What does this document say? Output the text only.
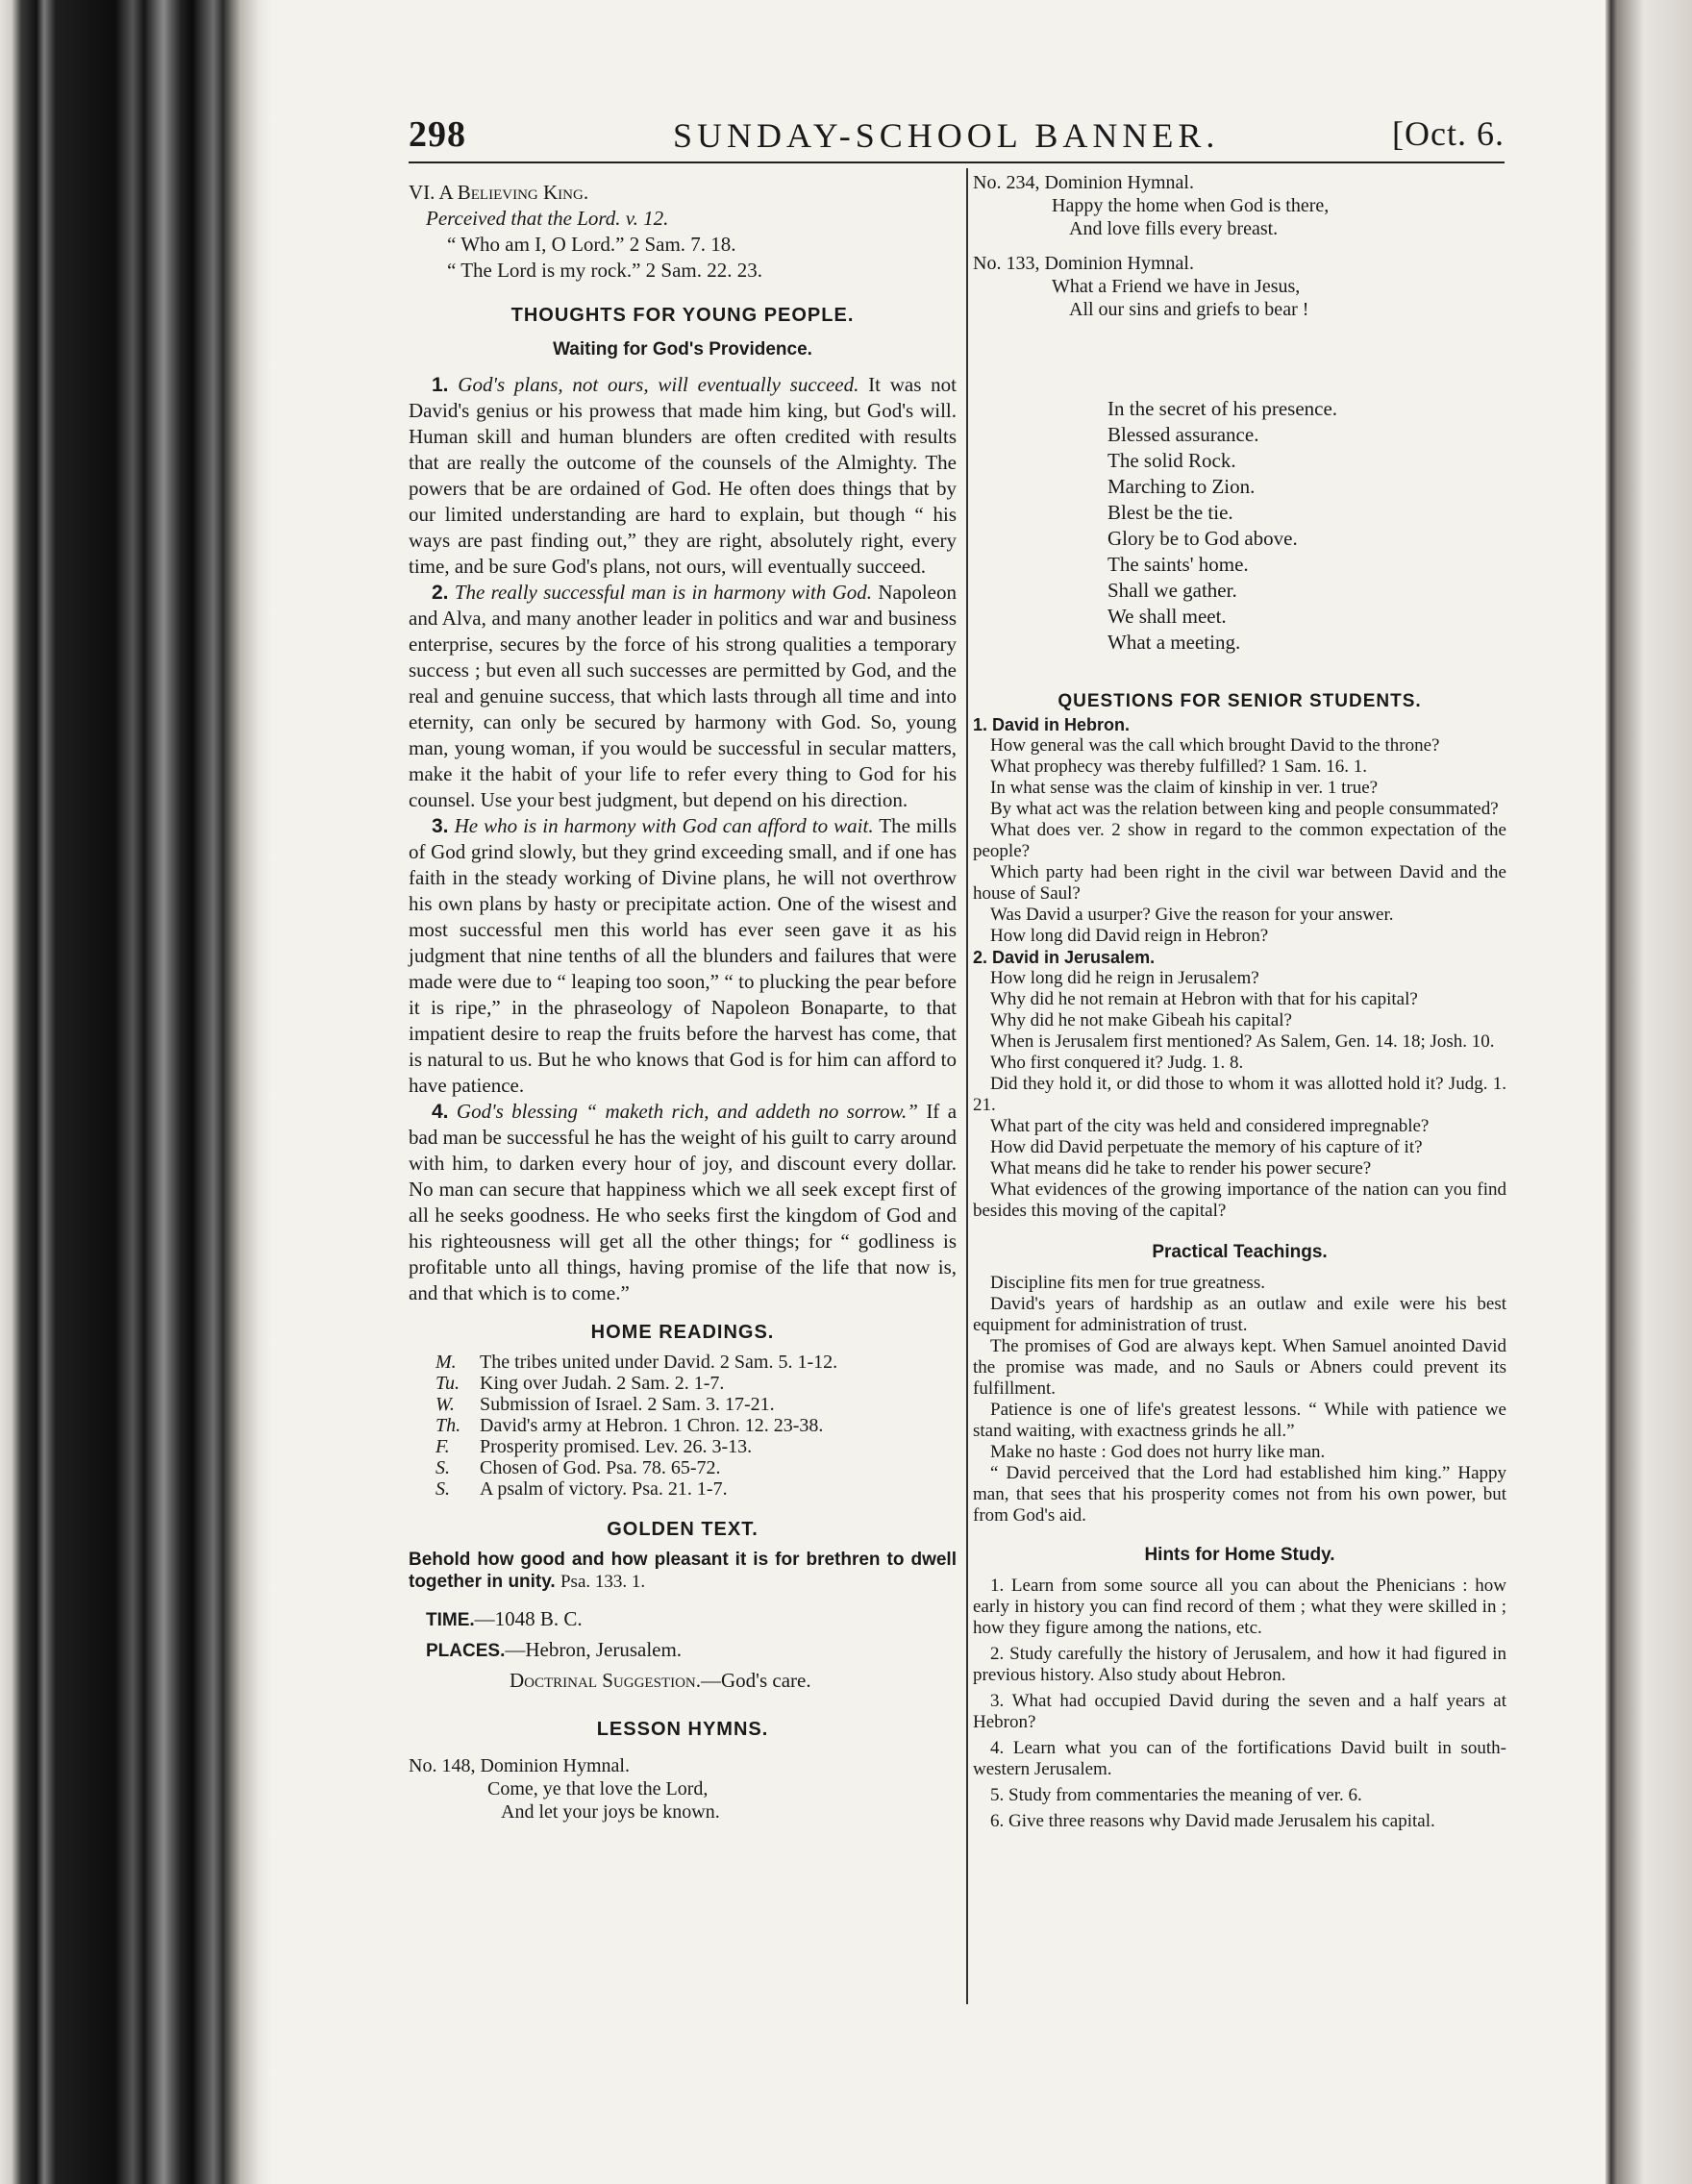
298	SUNDAY-SCHOOL BANNER.	[Oct. 6.
VI. A Believing King.
Perceived that the Lord. v. 12.
“ Who am I, O Lord.” 2 Sam. 7. 18.
“ The Lord is my rock.” 2 Sam. 22. 23.
THOUGHTS FOR YOUNG PEOPLE.
Waiting for God's Providence.

1. God's plans, not ours, will eventually succeed. It was not David's genius or his prowess that made him king, but God's will. Human skill and human blunders are often credited with results that are really the outcome of the counsels of the Almighty. The powers that be are ordained of God. He often does things that by our limited understanding are hard to explain, but though “ his ways are past finding out,” they are right, absolutely right, every time, and be sure God's plans, not ours, will eventually succeed.

2. The really successful man is in harmony with God. Napoleon and Alva, and many another leader in politics and war and business enterprise, secures by the force of his strong qualities a temporary success ; but even all such successes are permitted by God, and the real and genuine success, that which lasts through all time and into eternity, can only be secured by harmony with God. So, young man, young woman, if you would be successful in secular matters, make it the habit of your life to refer every thing to God for his counsel. Use your best judgment, but depend on his direction.

3. He who is in harmony with God can afford to wait. The mills of God grind slowly, but they grind exceeding small, and if one has faith in the steady working of Divine plans, he will not overthrow his own plans by hasty or precipitate action. One of the wisest and most successful men this world has ever seen gave it as his judgment that nine tenths of all the blunders and failures that were made were due to “ leaping too soon,” “ to plucking the pear before it is ripe,” in the phraseology of Napoleon Bonaparte, to that impatient desire to reap the fruits before the harvest has come, that is natural to us. But he who knows that God is for him can afford to have patience.

4. God's blessing “ maketh rich, and addeth no sorrow.” If a bad man be successful he has the weight of his guilt to carry around with him, to darken every hour of joy, and discount every dollar. No man can secure that happiness which we all seek except first of all he seeks goodness. He who seeks first the kingdom of God and his righteousness will get all the other things; for “ godliness is profitable unto all things, having promise of the life that now is, and that which is to come.”

HOME READINGS.
M.	The tribes united under David. 2 Sam. 5. 1-12.
Tu.	King over Judah. 2 Sam. 2. 1-7.
W.	Submission of Israel. 2 Sam. 3. 17-21.
Th. David's army at Hebron. 1 Chron. 12. 23-38.
F.	Prosperity promised. Lev. 26. 3-13.
S.	Chosen of God. Psa. 78. 65-72.
S.	A psalm of victory. Psa. 21. 1-7.
GOLDEN TEXT.

Behold how good and how pleasant it is for brethren to dwell together in unity. Psa. 133. 1.

TIME.—1048 B. C.
PLACES.—Hebron, Jerusalem.
Doctrinal Suggestion.—God's care.
LESSON HYMNS.
No. 148, Dominion Hymnal.
Come, ye that love the Lord,
And let your joys be known.
No. 234, Dominion Hymnal.
Happy the home when God is there,
And love fills every breast.
No. 133, Dominion Hymnal.
What a Friend we have in Jesus,
All our sins and griefs to bear !
In the secret of his presence.
Blessed assurance.
The solid Rock.
Marching to Zion.
Blest be the tie.
Glory be to God above.
The saints' home.
Shall we gather.
We shall meet.
What a meeting.
QUESTIONS FOR SENIOR STUDENTS.

1. David in Hebron.

How general was the call which brought David to the throne?

What prophecy was thereby fulfilled? 1 Sam. 16. 1.

In what sense was the claim of kinship in ver. 1 true?

By what act was the relation between king and people consummated?

What does ver. 2 show in regard to the common expectation of the people?

Which party had been right in the civil war between David and the house of Saul?

Was David a usurper? Give the reason for your answer.

How long did David reign in Hebron?

2. David in Jerusalem.

How long did he reign in Jerusalem?

Why did he not remain at Hebron with that for his capital?

Why did he not make Gibeah his capital?

When is Jerusalem first mentioned? As Salem, Gen. 14. 18; Josh. 10.

Who first conquered it? Judg. 1. 8.

Did they hold it, or did those to whom it was allotted hold it? Judg. 1. 21.

What part of the city was held and considered impregnable?

How did David perpetuate the memory of his capture of it?

What means did he take to render his power secure?

What evidences of the growing importance of the nation can you find besides this moving of the capital?

Practical Teachings.

Discipline fits men for true greatness.

David's years of hardship as an outlaw and exile were his best equipment for administration of trust.

The promises of God are always kept. When Samuel anointed David the promise was made, and no Sauls or Abners could prevent its fulfillment.

Patience is one of life's greatest lessons. “ While with patience we stand waiting, with exactness grinds he all.”

Make no haste : God does not hurry like man.

“ David perceived that the Lord had established him king.” Happy man, that sees that his prosperity comes not from his own power, but from God's aid.

Hints for Home Study.

1. Learn from some source all you can about the Phenicians : how early in history you can find record of them ; what they were skilled in ; how they figure among the nations, etc.

2. Study carefully the history of Jerusalem, and how it had figured in previous history. Also study about Hebron.

3. What had occupied David during the seven and a half years at Hebron?

4. Learn what you can of the fortifications David built in south-western Jerusalem.

5. Study from commentaries the meaning of ver. 6.

6. Give three reasons why David made Jerusalem his capital.
